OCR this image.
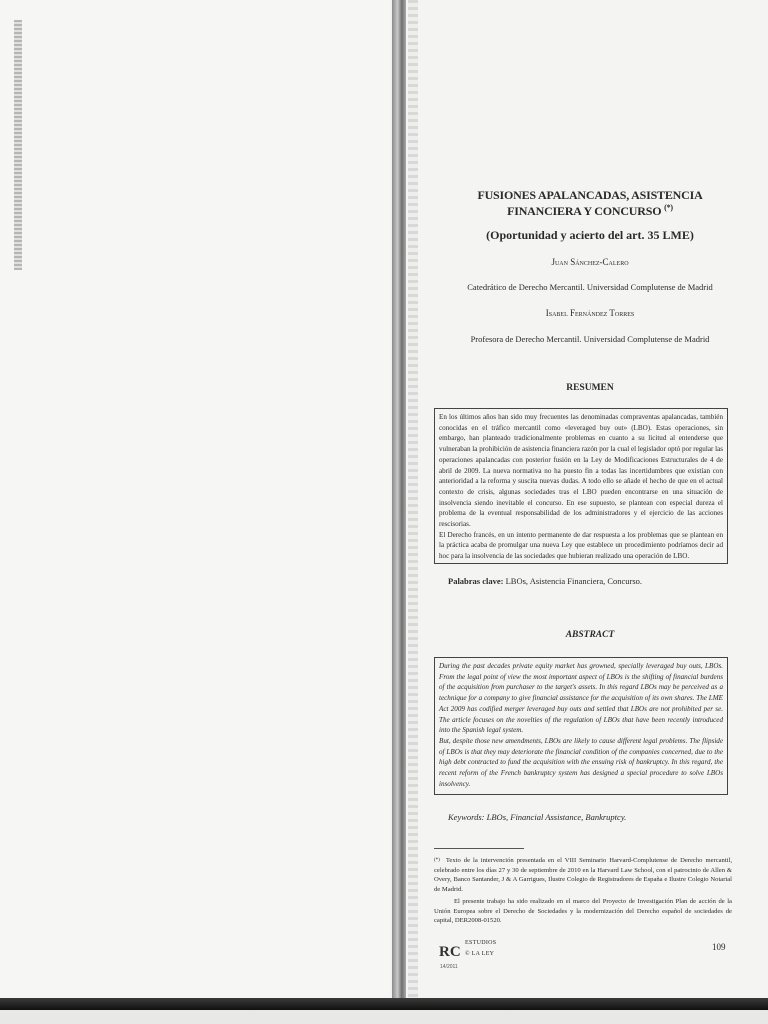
FUSIONES APALANCADAS, ASISTENCIA FINANCIERA Y CONCURSO (*)
(Oportunidad y acierto del art. 35 LME)
Juan Sánchez-Calero
Catedrático de Derecho Mercantil. Universidad Complutense de Madrid
Isabel Fernández Torres
Profesora de Derecho Mercantil. Universidad Complutense de Madrid
RESUMEN

En los últimos años han sido muy frecuentes las denominadas compraventas apalancadas, también conocidas en el tráfico mercantil como «leveraged buy out» (LBO). Estas operaciones, sin embargo, han planteado tradicionalmente problemas en cuanto a su licitud al entenderse que vulneraban la prohibición de asistencia financiera razón por la cual el legislador optó por regular las operaciones apalancadas con posterior fusión en la Ley de Modificaciones Estructurales de 4 de abril de 2009. La nueva normativa no ha puesto fin a todas las incertidumbres que existían con anterioridad a la reforma y suscita nuevas dudas. A todo ello se añade el hecho de que en el actual contexto de crisis, algunas sociedades tras el LBO pueden encontrarse en una situación de insolvencia siendo inevitable el concurso. En ese supuesto, se plantean con especial dureza el problema de la eventual responsabilidad de los administradores y el ejercicio de las acciones rescisorias.

El Derecho francés, en un intento permanente de dar respuesta a los problemas que se plantean en la práctica acaba de promulgar una nueva Ley que establece un procedimiento podríamos decir ad hoc para la insolvencia de las sociedades que hubieran realizado una operación de LBO.

Palabras clave: LBOs, Asistencia Financiera, Concurso.
ABSTRACT

During the past decades private equity market has growned, specially leveraged buy outs, LBOs. From the legal point of view the most important aspect of LBOs is the shifting of financial burdens of the acquisition from purchaser to the target's assets. In this regard LBOs may be perceived as a technique for a company to give financial assistance for the acquisition of its own shares. The LME Act 2009 has codified merger leveraged buy outs and settled that LBOs are not prohibited per se. The article focuses on the novelties of the regulation of LBOs that have been recently introduced into the Spanish legal system.

But, despite those new amendments, LBOs are likely to cause different legal problems. The flipside of LBOs is that they may deteriorate the financial condition of the companies concerned, due to the high debt contracted to fund the acquisition with the ensuing risk of bankruptcy. In this regard, the recent reform of the French bankruptcy system has designed a special procedure to solve LBOs insolvency.

Keywords: LBOs, Financial Assistance, Bankruptcy.
(*) Texto de la intervención presentada en el VIII Seminario Harvard-Complutense de Derecho mercantil, celebrado entre los días 27 y 30 de septiembre de 2010 en la Harvard Law School, con el patrocinio de Allen & Overy, Banco Santander, J & A Garrigues, Ilustre Colegio de Registradores de España e Ilustre Colegio Notarial de Madrid.
El presente trabajo ha sido realizado en el marco del Proyecto de Investigación Plan de acción de la Unión Europea sobre el Derecho de Sociedades y la modernización del Derecho español de sociedades de capital, DER2008-01520.
RC
14/2011
ESTUDIOS
© LA LEY
109
